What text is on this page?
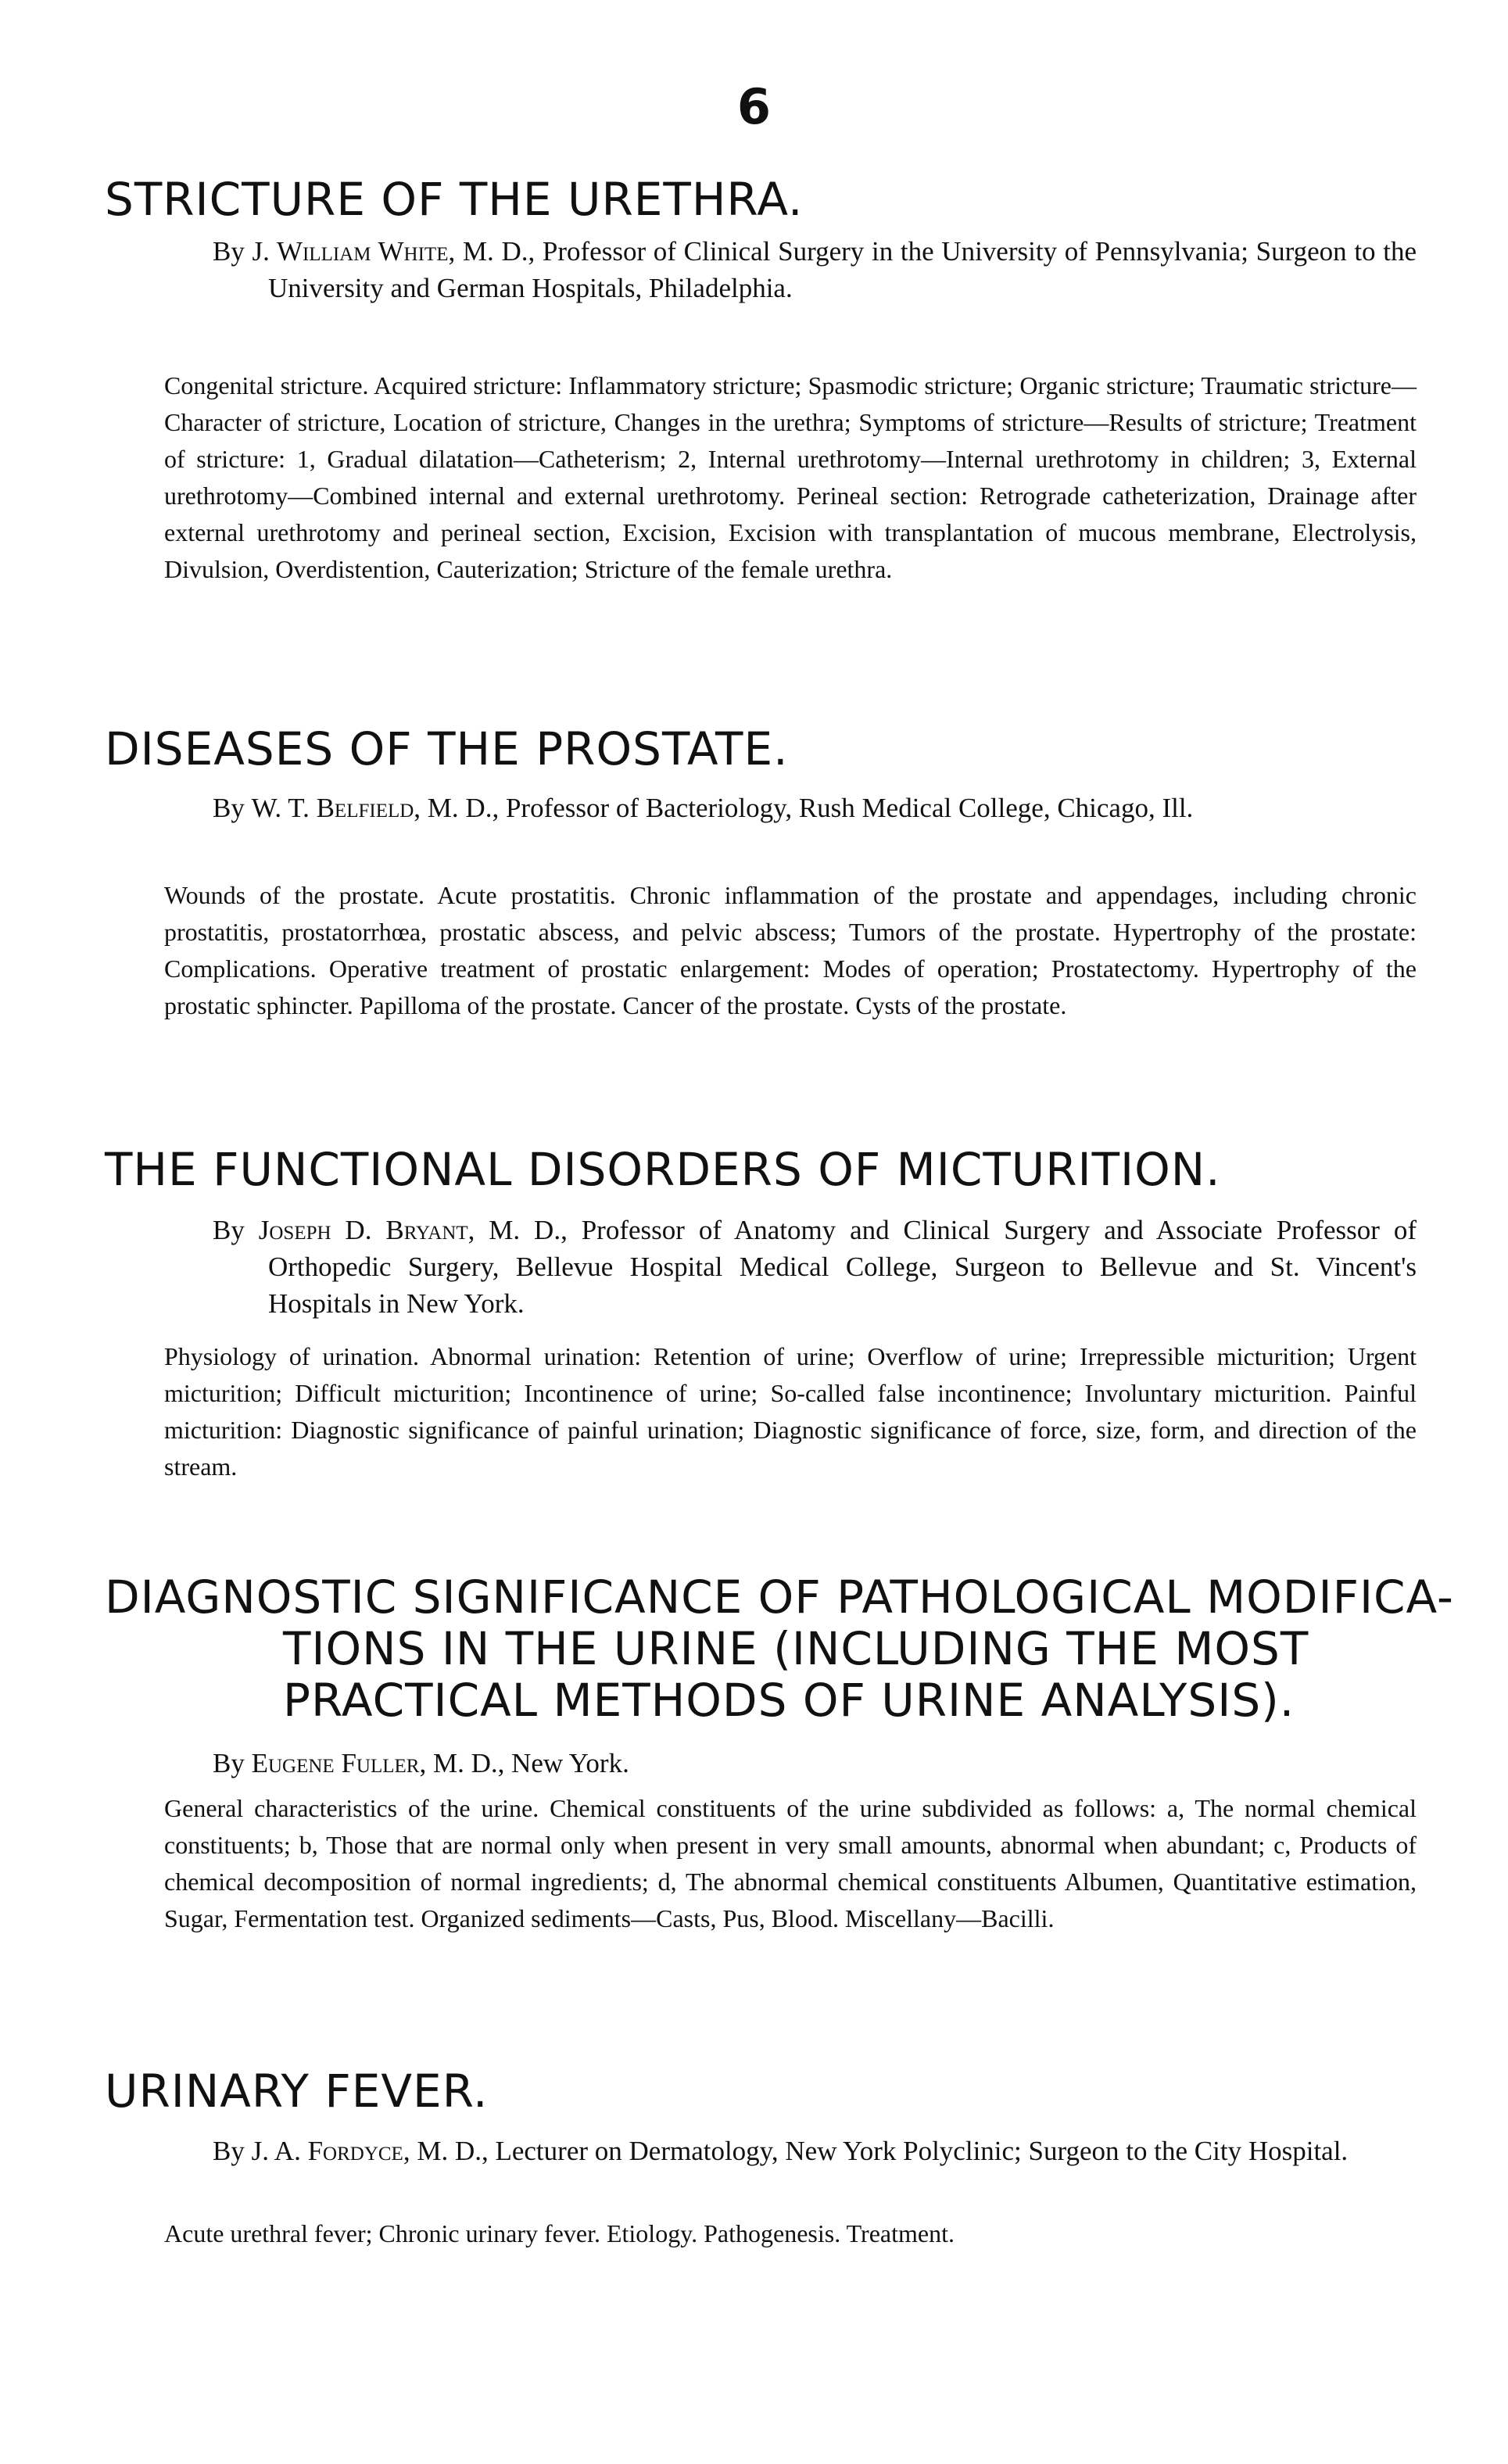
6
STRICTURE OF THE URETHRA.

By J. William White, M. D., Professor of Clinical Surgery in the University of Pennsylvania; Surgeon to the University and German Hospitals, Philadelphia.

Congenital stricture. Acquired stricture: Inflammatory stricture; Spasmodic stricture; Organic stricture; Traumatic stricture—Character of stricture, Location of stricture, Changes in the urethra; Symptoms of stricture—Results of stricture; Treatment of stricture: 1, Gradual dilatation—Catheterism; 2, Internal urethrotomy—Internal urethrotomy in children; 3, External urethrotomy—Combined internal and external urethrotomy. Perineal section: Retrograde catheterization, Drainage after external urethrotomy and perineal section, Excision, Excision with transplantation of mucous membrane, Electrolysis, Divulsion, Overdistention, Cauterization; Stricture of the female urethra.

DISEASES OF THE PROSTATE.

By W. T. Belfield, M. D., Professor of Bacteriology, Rush Medical College, Chicago, Ill.

Wounds of the prostate. Acute prostatitis. Chronic inflammation of the prostate and appendages, including chronic prostatitis, prostatorrhœa, prostatic abscess, and pelvic abscess; Tumors of the prostate. Hypertrophy of the prostate: Complications. Operative treatment of prostatic enlargement: Modes of operation; Prostatectomy. Hypertrophy of the prostatic sphincter. Papilloma of the prostate. Cancer of the prostate. Cysts of the prostate.

THE FUNCTIONAL DISORDERS OF MICTURITION.

By Joseph D. Bryant, M. D., Professor of Anatomy and Clinical Surgery and Associate Professor of Orthopedic Surgery, Bellevue Hospital Medical College, Surgeon to Bellevue and St. Vincent's Hospitals in New York.

Physiology of urination. Abnormal urination: Retention of urine; Overflow of urine; Irrepressible micturition; Urgent micturition; Difficult micturition; Incontinence of urine; So-called false incontinence; Involuntary micturition. Painful micturition: Diagnostic significance of painful urination; Diagnostic significance of force, size, form, and direction of the stream.

DIAGNOSTIC SIGNIFICANCE OF PATHOLOGICAL MODIFICA-
TIONS IN THE URINE (INCLUDING THE MOST
PRACTICAL METHODS OF URINE ANALYSIS).

By Eugene Fuller, M. D., New York.

General characteristics of the urine. Chemical constituents of the urine subdivided as follows: a, The normal chemical constituents; b, Those that are normal only when present in very small amounts, abnormal when abundant; c, Products of chemical decomposition of normal ingredients; d, The abnormal chemical constituents Albumen, Quantitative estimation, Sugar, Fermentation test. Organized sediments—Casts, Pus, Blood. Miscellany—Bacilli.

URINARY FEVER.

By J. A. Fordyce, M. D., Lecturer on Dermatology, New York Polyclinic; Surgeon to the City Hospital.

Acute urethral fever; Chronic urinary fever. Etiology. Pathogenesis. Treatment.
